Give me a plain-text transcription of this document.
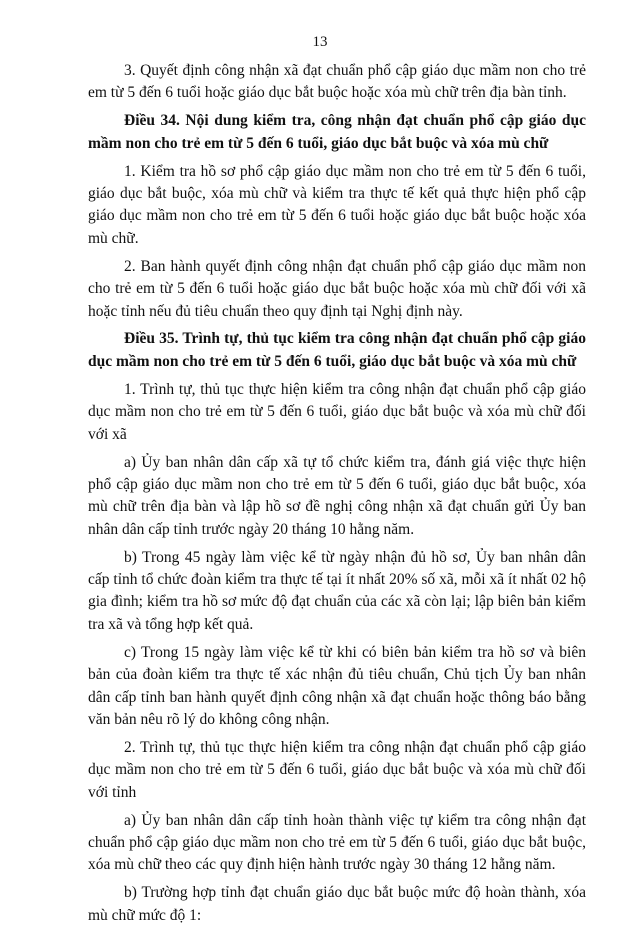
13

3. Quyết định công nhận xã đạt chuẩn phổ cập giáo dục mầm non cho trẻ em từ 5 đến 6 tuổi hoặc giáo dục bắt buộc hoặc xóa mù chữ trên địa bàn tỉnh.

Điều 34. Nội dung kiểm tra, công nhận đạt chuẩn phổ cập giáo dục mầm non cho trẻ em từ 5 đến 6 tuổi, giáo dục bắt buộc và xóa mù chữ

1. Kiểm tra hồ sơ phổ cập giáo dục mầm non cho trẻ em từ 5 đến 6 tuổi, giáo dục bắt buộc, xóa mù chữ và kiểm tra thực tế kết quả thực hiện phổ cập giáo dục mầm non cho trẻ em từ 5 đến 6 tuổi hoặc giáo dục bắt buộc hoặc xóa mù chữ.

2. Ban hành quyết định công nhận đạt chuẩn phổ cập giáo dục mầm non cho trẻ em từ 5 đến 6 tuổi hoặc giáo dục bắt buộc hoặc xóa mù chữ đối với xã hoặc tỉnh nếu đủ tiêu chuẩn theo quy định tại Nghị định này.

Điều 35. Trình tự, thủ tục kiểm tra công nhận đạt chuẩn phổ cập giáo dục mầm non cho trẻ em từ 5 đến 6 tuổi, giáo dục bắt buộc và xóa mù chữ

1. Trình tự, thủ tục thực hiện kiểm tra công nhận đạt chuẩn phổ cập giáo dục mầm non cho trẻ em từ 5 đến 6 tuổi, giáo dục bắt buộc và xóa mù chữ đối với xã

a) Ủy ban nhân dân cấp xã tự tổ chức kiểm tra, đánh giá việc thực hiện phổ cập giáo dục mầm non cho trẻ em từ 5 đến 6 tuổi, giáo dục bắt buộc, xóa mù chữ trên địa bàn và lập hồ sơ đề nghị công nhận xã đạt chuẩn gửi Ủy ban nhân dân cấp tỉnh trước ngày 20 tháng 10 hằng năm.

b) Trong 45 ngày làm việc kể từ ngày nhận đủ hồ sơ, Ủy ban nhân dân cấp tỉnh tổ chức đoàn kiểm tra thực tế tại ít nhất 20% số xã, mỗi xã ít nhất 02 hộ gia đình; kiểm tra hồ sơ mức độ đạt chuẩn của các xã còn lại; lập biên bản kiểm tra xã và tổng hợp kết quả.

c) Trong 15 ngày làm việc kể từ khi có biên bản kiểm tra hồ sơ và biên bản của đoàn kiểm tra thực tế xác nhận đủ tiêu chuẩn, Chủ tịch Ủy ban nhân dân cấp tỉnh ban hành quyết định công nhận xã đạt chuẩn hoặc thông báo bằng văn bản nêu rõ lý do không công nhận.

2. Trình tự, thủ tục thực hiện kiểm tra công nhận đạt chuẩn phổ cập giáo dục mầm non cho trẻ em từ 5 đến 6 tuổi, giáo dục bắt buộc và xóa mù chữ đối với tỉnh

a) Ủy ban nhân dân cấp tỉnh hoàn thành việc tự kiểm tra công nhận đạt chuẩn phổ cập giáo dục mầm non cho trẻ em từ 5 đến 6 tuổi, giáo dục bắt buộc, xóa mù chữ theo các quy định hiện hành trước ngày 30 tháng 12 hằng năm.

b) Trường hợp tỉnh đạt chuẩn giáo dục bắt buộc mức độ hoàn thành, xóa mù chữ mức độ 1:
